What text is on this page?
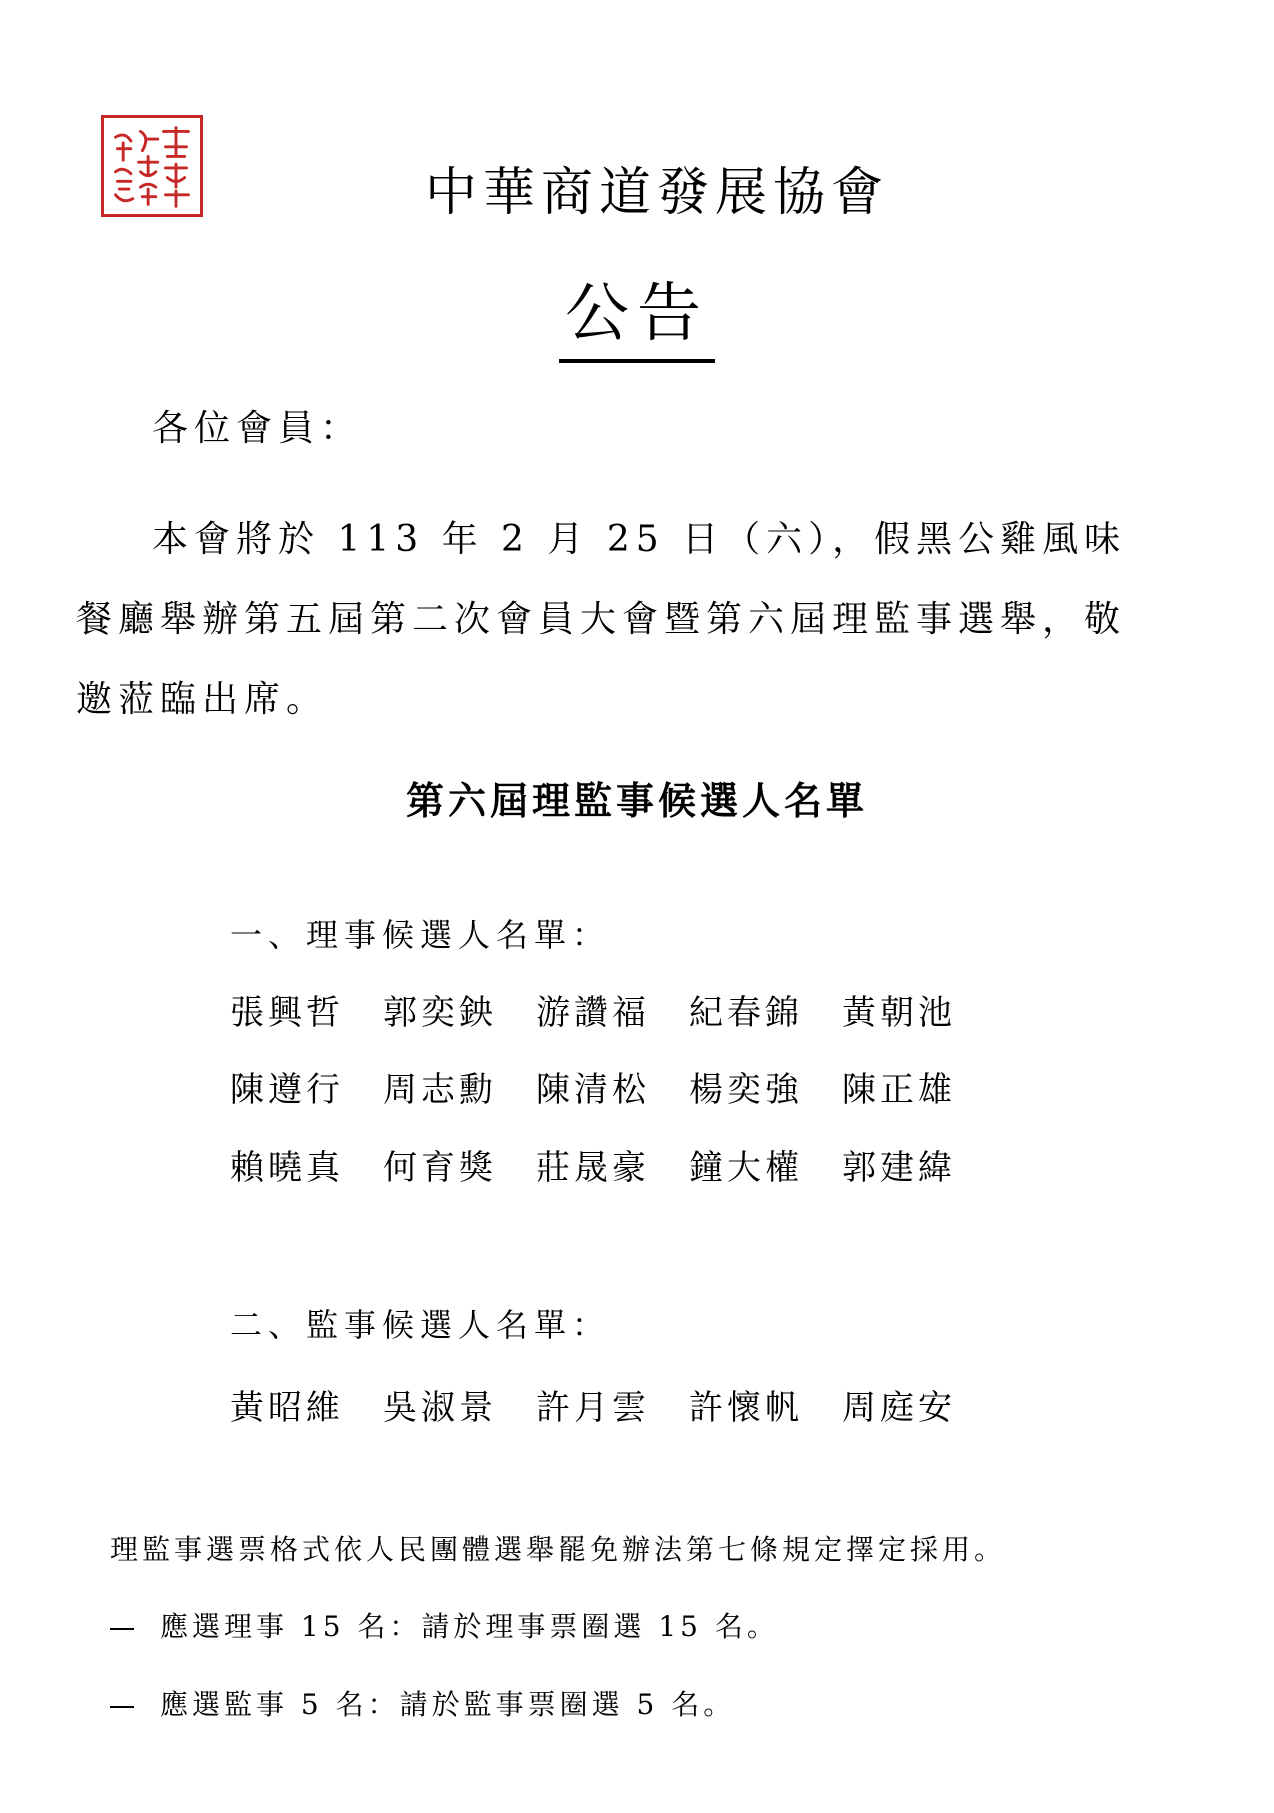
中華商道發展協會
公告
各位會員：
本會將於 113 年 2 月 25 日（六），假黑公雞風味餐廳舉辦第五屆第二次會員大會暨第六屆理監事選舉，敬邀蒞臨出席。
第六屆理監事候選人名單
一、理事候選人名單：
張興哲	郭奕鉠	游讚福	紀春錦	黃朝池
陳遵行	周志勳	陳清松	楊奕強	陳正雄
賴曉真	何育獎	莊晟豪	鐘大權	郭建緯
二、監事候選人名單：
黃昭維	吳淑景	許月雲	許懷帆	周庭安
理監事選票格式依人民團體選舉罷免辦法第七條規定擇定採用。
應選理事 15 名：請於理事票圈選 15 名。
應選監事 5 名：請於監事票圈選 5 名。
